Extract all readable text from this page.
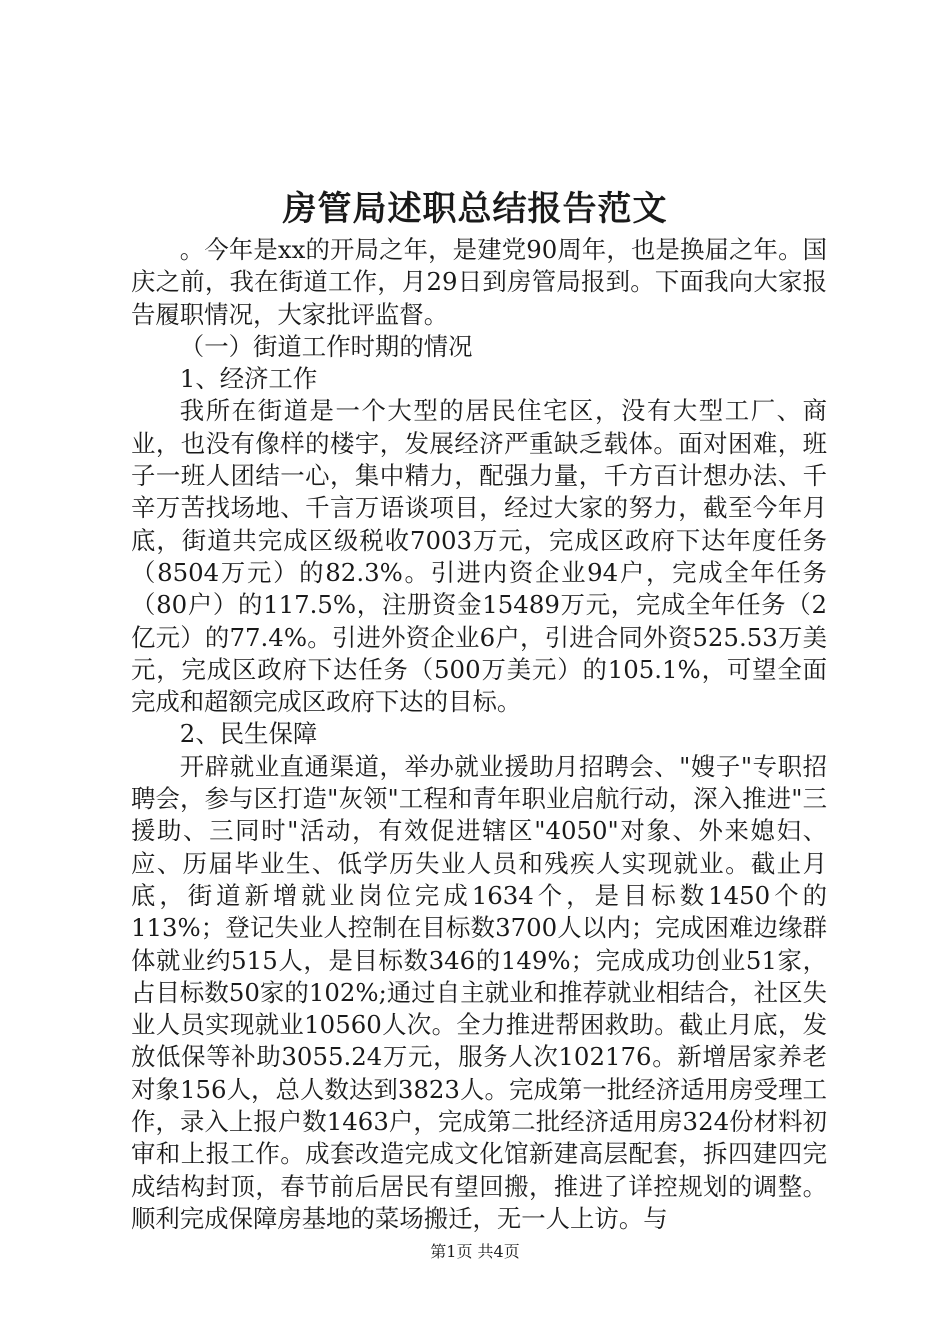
房管局述职总结报告范文

。今年是xx的开局之年，是建党90周年，也是换届之年。国庆之前，我在街道工作，月29日到房管局报到。下面我向大家报告履职情况，大家批评监督。

（一）街道工作时期的情况

1、经济工作

我所在街道是一个大型的居民住宅区，没有大型工厂、商业，也没有像样的楼宇，发展经济严重缺乏载体。面对困难，班子一班人团结一心，集中精力，配强力量，千方百计想办法、千辛万苦找场地、千言万语谈项目，经过大家的努力，截至今年月底，街道共完成区级税收7003万元，完成区政府下达年度任务（8504万元）的82.3%。引进内资企业94户，完成全年任务（80户）的117.5%，注册资金15489万元，完成全年任务（2亿元）的77.4%。引进外资企业6户，引进合同外资525.53万美元，完成区政府下达任务（500万美元）的105.1%，可望全面完成和超额完成区政府下达的目标。

2、民生保障

开辟就业直通渠道，举办就业援助月招聘会、"嫂子"专职招聘会，参与区打造"灰领"工程和青年职业启航行动，深入推进"三援助、三同时"活动，有效促进辖区"4050"对象、外来媳妇、应、历届毕业生、低学历失业人员和残疾人实现就业。截止月底，街道新增就业岗位完成1634个，是目标数1450个的113%；登记失业人控制在目标数3700人以内；完成困难边缘群体就业约515人，是目标数346的149%；完成成功创业51家，占目标数50家的102%;通过自主就业和推荐就业相结合，社区失业人员实现就业10560人次。全力推进帮困救助。截止月底，发放低保等补助3055.24万元，服务人次102176。新增居家养老对象156人，总人数达到3823人。完成第一批经济适用房受理工作，录入上报户数1463户，完成第二批经济适用房324份材料初审和上报工作。成套改造完成文化馆新建高层配套，拆四建四完成结构封顶，春节前后居民有望回搬，推进了详控规划的调整。顺利完成保障房基地的菜场搬迁，无一人上访。与

第1页 共4页
